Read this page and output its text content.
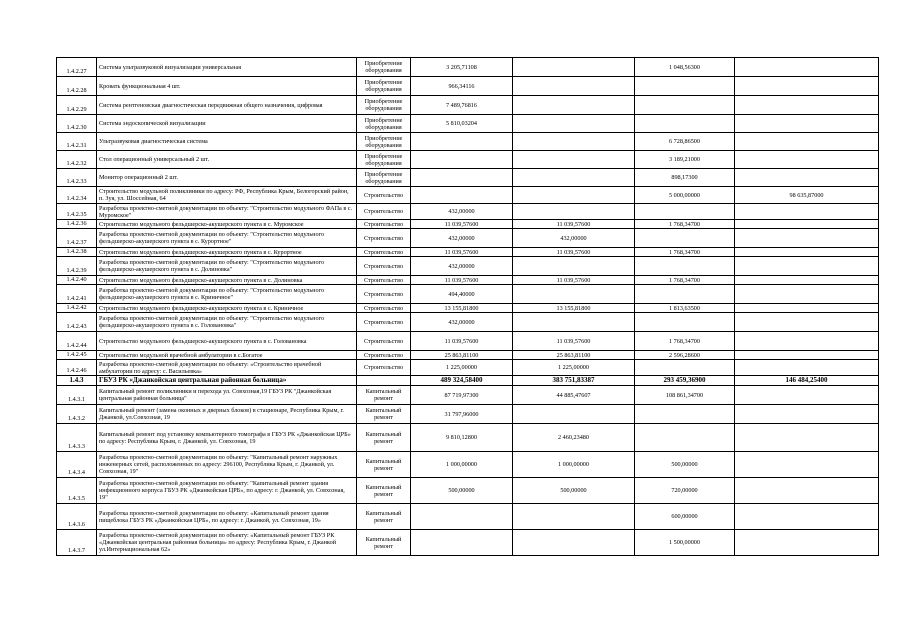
1.4.2.27	Система ультразвуковой визуализации универсальная	Приобретение оборудования	3 205,71108		1 048,56300	
1.4.2.28	Кровать функциональная 4 шт.	Приобретение оборудования	966,34116			
1.4.2.29	Система рентгеновская диагностическая передвижная общего назначения, цифровая	Приобретение оборудования	7 489,76816			
1.4.2.30	Система эндоскопической визуализации	Приобретение оборудования	5 810,03204			
1.4.2.31	Ультразвуковая диагностическая система	Приобретение оборудования			6 728,86500	
1.4.2.32	Стол операционный универсальный 2 шт.	Приобретение оборудования			3 189,21000	
1.4.2.33	Монитор операционный 2 шт.	Приобретение оборудования			898,17300	
1.4.2.34	Строительство модульной поликлиники по адресу: РФ, Республика Крым, Белогорский район, п. Зуя, ул. Шоссейная, 64	Строительство			5 000,00000	98 635,87000
1.4.2.35	Разработка проектно-сметной документации по объекту: "Строительство модульного ФАПа в с. Муромское"	Строительство	432,00000			
1.4.2.36	Строительство модульного фельдшерско-акушерского пункта в с. Муромское	Строительство	11 039,57600	11 039,57600	1 768,34700	
1.4.2.37	Разработка проектно-сметной документации по объекту: "Строительство модульного фельдшерско-акушерского пункта в с. Курортное"	Строительство	432,00000	432,00000		
1.4.2.38	Строительство модульного фельдшерско-акушерского пункта в с. Курортное	Строительство	11 039,57600	11 039,57600	1 768,34700	
1.4.2.39	Разработка проектно-сметной документации по объекту: "Строительство модульного фельдшерско-акушерского пункта в с. Долиновка"	Строительство	432,00000			
1.4.2.40	Строительство модульного фельдшерско-акушерского пункта в с. Долиновка	Строительство	11 039,57600	11 039,57600	1 768,34700	
1.4.2.41	Разработка проектно-сметной документации по объекту: "Строительство модульного фельдшерско-акушерского пункта в с. Криничное"	Строительство	494,40000			
1.4.2.42	Строительство модульного фельдшерско-акушерского пункта в с. Криничное	Строительство	13 155,81800	13 155,81800	1 813,63500	
1.4.2.43	Разработка проектно-сметной документации по объекту: "Строительство модульного фельдшерско-акушерского пункта в с. Головановка"	Строительство	432,00000			
1.4.2.44	Строительство модульного фельдшерско-акушерского пункта в с. Головановка	Строительство	11 039,57600	11 039,57600	1 768,34700	
1.4.2.45	Строительство модульной врачебной амбулатории в с.Богатое	Строительство	25 863,81100	25 863,81100	2 596,28600	
1.4.2.46	Разработка проектно-сметной документации по объекту: «Строительство врачебной амбулатории по адресу: с. Васильевка»	Строительство	1 225,00000	1 225,00000		
1.4.3	ГБУЗ РК «Джанкойская центральная районная больница»		489 324,58400	383 751,83387	293 459,36900	146 484,25400
1.4.3.1	Капитальный ремонт поликлиники и перехода ул. Совхозная,19 ГБУЗ РК "Джанкойская центральная районная больница"	Капитальный ремонт	87 719,97300	44 885,47607	108 861,34700	
1.4.3.2	Капитальный ремонт (замена оконных и дверных блоков) в стационаре, Республика Крым, г. Джанкой, ул.Совхозная, 19	Капитальный ремонт	31 797,96000			
1.4.3.3	Капитальный ремонт под установку компьютерного томографа в ГБУЗ РК «Джанкойская ЦРБ» по адресу: Республика Крым, г. Джанкой, ул. Совхозная, 19	Капитальный ремонт	9 810,12800	2 460,23480		
1.4.3.4	Разработка проектно-сметной документации по объекту: "Капитальный ремонт наружных инженерных сетей, расположенных по адресу: 296100, Республика Крым, г. Джанкой, ул. Совхозная, 19"	Капитальный ремонт	1 000,00000	1 000,00000	500,00000	
1.4.3.5	Разработка проектно-сметной документации по объекту: "Капитальный ремонт здания инфекционного корпуса ГБУЗ РК «Джанкойская ЦРБ», по адресу: г. Джанкой, ул. Совхозная, 19"	Капитальный ремонт	500,00000	500,00000	720,00000	
1.4.3.6	Разработка проектно-сметной документации по объекту: «Капитальный ремонт здания пищеблока ГБУЗ РК «Джанкойская ЦРБ», по адресу: г. Джанкой, ул. Совхозная, 19»	Капитальный ремонт			600,00000	
1.4.3.7	Разработка проектно-сметной документации по объекту: «Капитальный ремонт ГБУЗ РК «Джанкойская центральная районная больница» по адресу: Республика Крым, г. Джанкой ул.Интернациональная 62»	Капитальный ремонт			1 500,00000	
